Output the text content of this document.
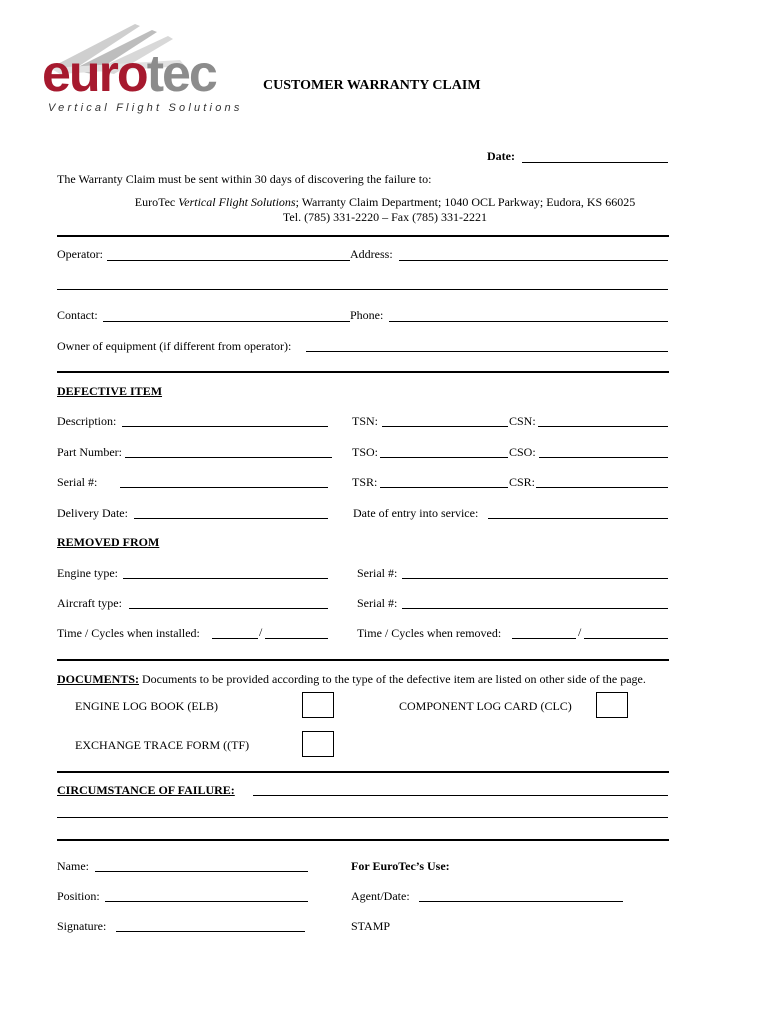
eurotec
Vertical Flight Solutions
CUSTOMER WARRANTY CLAIM
Date:
The Warranty Claim must be sent within 30 days of discovering the failure to:
EuroTec Vertical Flight Solutions; Warranty Claim Department; 1040 OCL Parkway; Eudora, KS 66025
Tel. (785) 331-2220 – Fax (785) 331-2221
Operator:	Address:
Contact:	Phone:
Owner of equipment (if different from operator):
DEFECTIVE ITEM
Description:	TSN:	CSN:
Part Number:	TSO:	CSO:
Serial #:	TSR:	CSR:
Delivery Date:	Date of entry into service:
REMOVED FROM
Engine type:	Serial #:
Aircraft type:	Serial #:
Time / Cycles when installed:	/	Time / Cycles when removed:	/
DOCUMENTS: Documents to be provided according to the type of the defective item are listed on other side of the page.
ENGINE LOG BOOK (ELB)	COMPONENT LOG CARD (CLC)
EXCHANGE TRACE FORM ((TF)
CIRCUMSTANCE OF FAILURE:
Name:	For EuroTec’s Use:
Position:	Agent/Date:
Signature:	STAMP
